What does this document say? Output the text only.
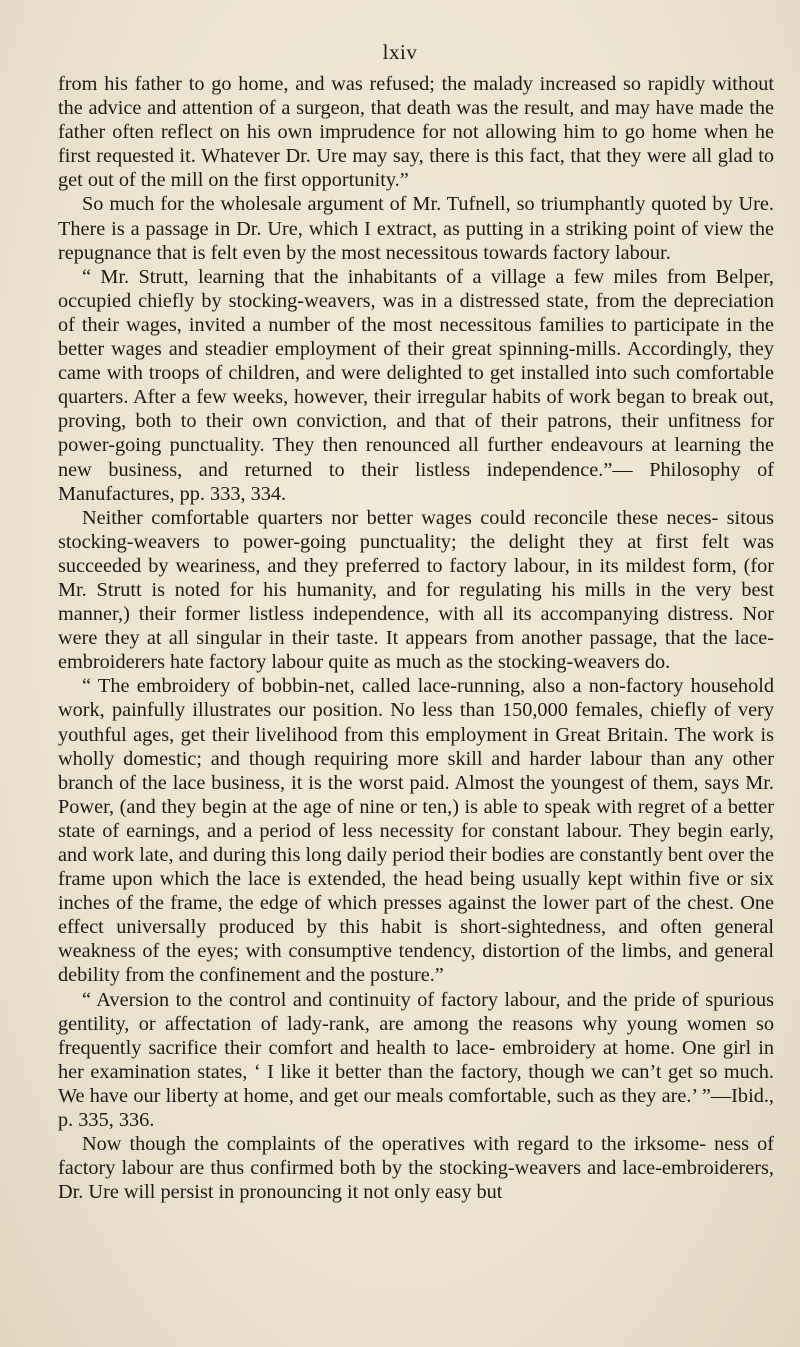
lxiv

from his father to go home, and was refused; the malady increased so rapidly without the advice and attention of a surgeon, that death was the result, and may have made the father often reflect on his own imprudence for not allowing him to go home when he first requested it. Whatever Dr. Ure may say, there is this fact, that they were all glad to get out of the mill on the first opportunity.”

So much for the wholesale argument of Mr. Tufnell, so triumphantly quoted by Ure. There is a passage in Dr. Ure, which I extract, as putting in a striking point of view the repugnance that is felt even by the most necessitous towards factory labour.

“ Mr. Strutt, learning that the inhabitants of a village a few miles from Belper, occupied chiefly by stocking-weavers, was in a distressed state, from the depreciation of their wages, invited a number of the most necessitous families to participate in the better wages and steadier employment of their great spinning-mills. Accordingly, they came with troops of children, and were delighted to get installed into such comfortable quarters. After a few weeks, however, their irregular habits of work began to break out, proving, both to their own conviction, and that of their patrons, their unfitness for power-going punctuality. They then renounced all further endeavours at learning the new business, and returned to their listless independence.”— Philosophy of Manufactures, pp. 333, 334.

Neither comfortable quarters nor better wages could reconcile these neces- sitous stocking-weavers to power-going punctuality; the delight they at first felt was succeeded by weariness, and they preferred to factory labour, in its mildest form, (for Mr. Strutt is noted for his humanity, and for regulating his mills in the very best manner,) their former listless independence, with all its accompanying distress. Nor were they at all singular in their taste. It appears from another passage, that the lace-embroiderers hate factory labour quite as much as the stocking-weavers do.

“ The embroidery of bobbin-net, called lace-running, also a non-factory household work, painfully illustrates our position. No less than 150,000 females, chiefly of very youthful ages, get their livelihood from this employment in Great Britain. The work is wholly domestic; and though requiring more skill and harder labour than any other branch of the lace business, it is the worst paid. Almost the youngest of them, says Mr. Power, (and they begin at the age of nine or ten,) is able to speak with regret of a better state of earnings, and a period of less necessity for constant labour. They begin early, and work late, and during this long daily period their bodies are constantly bent over the frame upon which the lace is extended, the head being usually kept within five or six inches of the frame, the edge of which presses against the lower part of the chest. One effect universally produced by this habit is short-sightedness, and often general weakness of the eyes; with consumptive tendency, distortion of the limbs, and general debility from the confinement and the posture.”

“ Aversion to the control and continuity of factory labour, and the pride of spurious gentility, or affectation of lady-rank, are among the reasons why young women so frequently sacrifice their comfort and health to lace- embroidery at home. One girl in her examination states, ‘ I like it better than the factory, though we can’t get so much. We have our liberty at home, and get our meals comfortable, such as they are.’ ”—Ibid., p. 335, 336.

Now though the complaints of the operatives with regard to the irksome- ness of factory labour are thus confirmed both by the stocking-weavers and lace-embroiderers, Dr. Ure will persist in pronouncing it not only easy but
